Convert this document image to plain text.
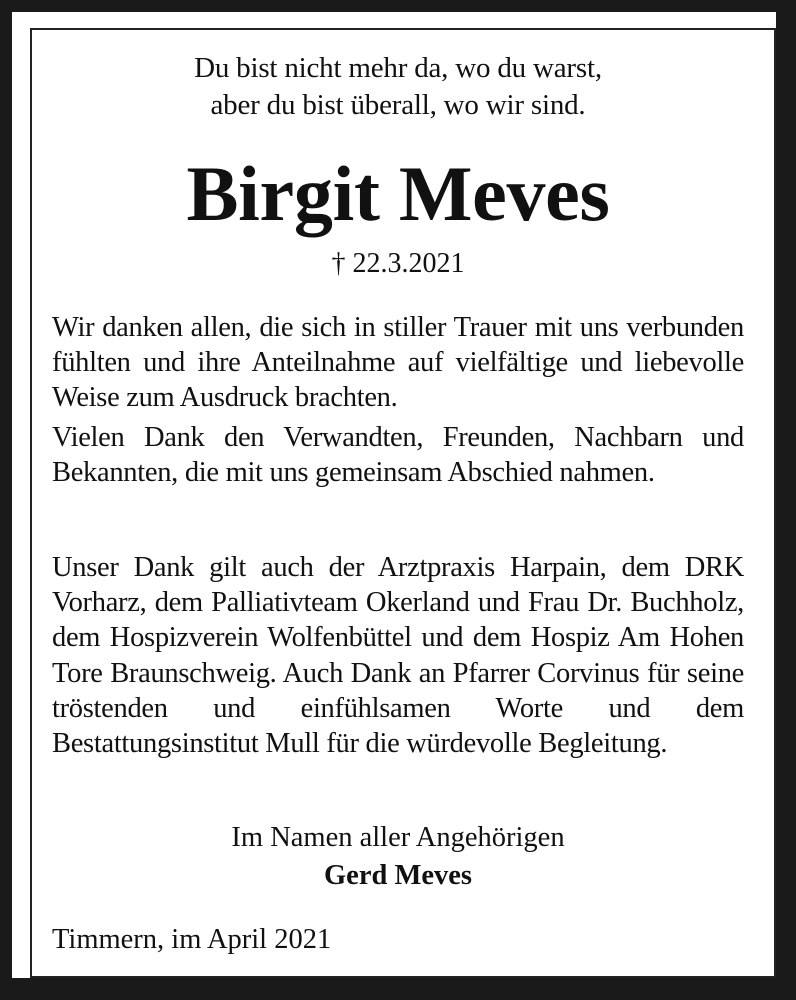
Du bist nicht mehr da, wo du warst,
aber du bist überall, wo wir sind.
Birgit Meves
† 22.3.2021
Wir danken allen, die sich in stiller Trauer mit uns verbunden fühlten und ihre Anteilnahme auf vielfältige und liebevolle Weise zum Ausdruck brachten.
Vielen Dank den Verwandten, Freunden, Nachbarn und Bekannten, die mit uns gemeinsam Abschied nahmen.
Unser Dank gilt auch der Arztpraxis Harpain, dem DRK Vorharz, dem Palliativteam Okerland und Frau Dr. Buchholz, dem Hospizverein Wolfenbüttel und dem Hospiz Am Hohen Tore Braunschweig. Auch Dank an Pfarrer Corvinus für seine tröstenden und einfühlsamen Worte und dem Bestattungsinstitut Mull für die würdevolle Begleitung.
Im Namen aller Angehörigen
Gerd Meves
Timmern, im April 2021
